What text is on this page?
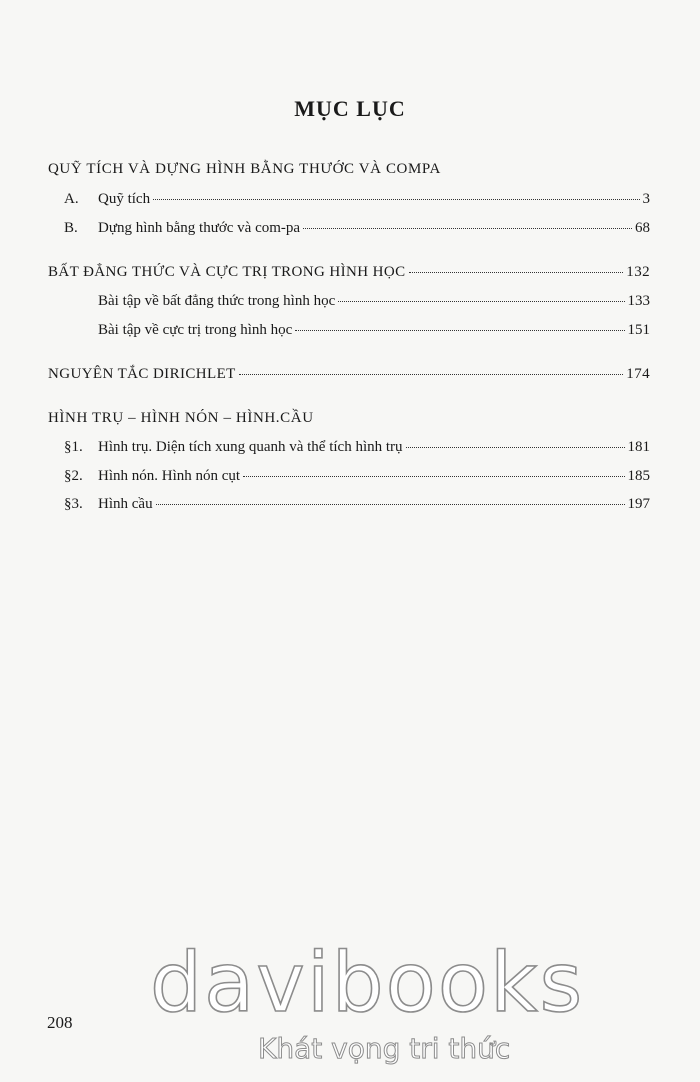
MỤC LỤC
QUỸ TÍCH VÀ DỰNG HÌNH BẰNG THƯỚC VÀ COMPA
A. Quỹ tích	3
B. Dựng hình bằng thước và com-pa	68
BẤT ĐẲNG THỨC VÀ CỰC TRỊ TRONG HÌNH HỌC	132
Bài tập về bất đẳng thức trong hình học	133
Bài tập về cực trị trong hình học	151
NGUYÊN TẮC DIRICHLET	174
HÌNH TRỤ – HÌNH NÓN – HÌNH.CẦU
§1. Hình trụ. Diện tích xung quanh và thể tích hình trụ	181
§2. Hình nón. Hình nón cụt	185
§3. Hình cầu	197
208 davibooks
Khát vọng tri thức
